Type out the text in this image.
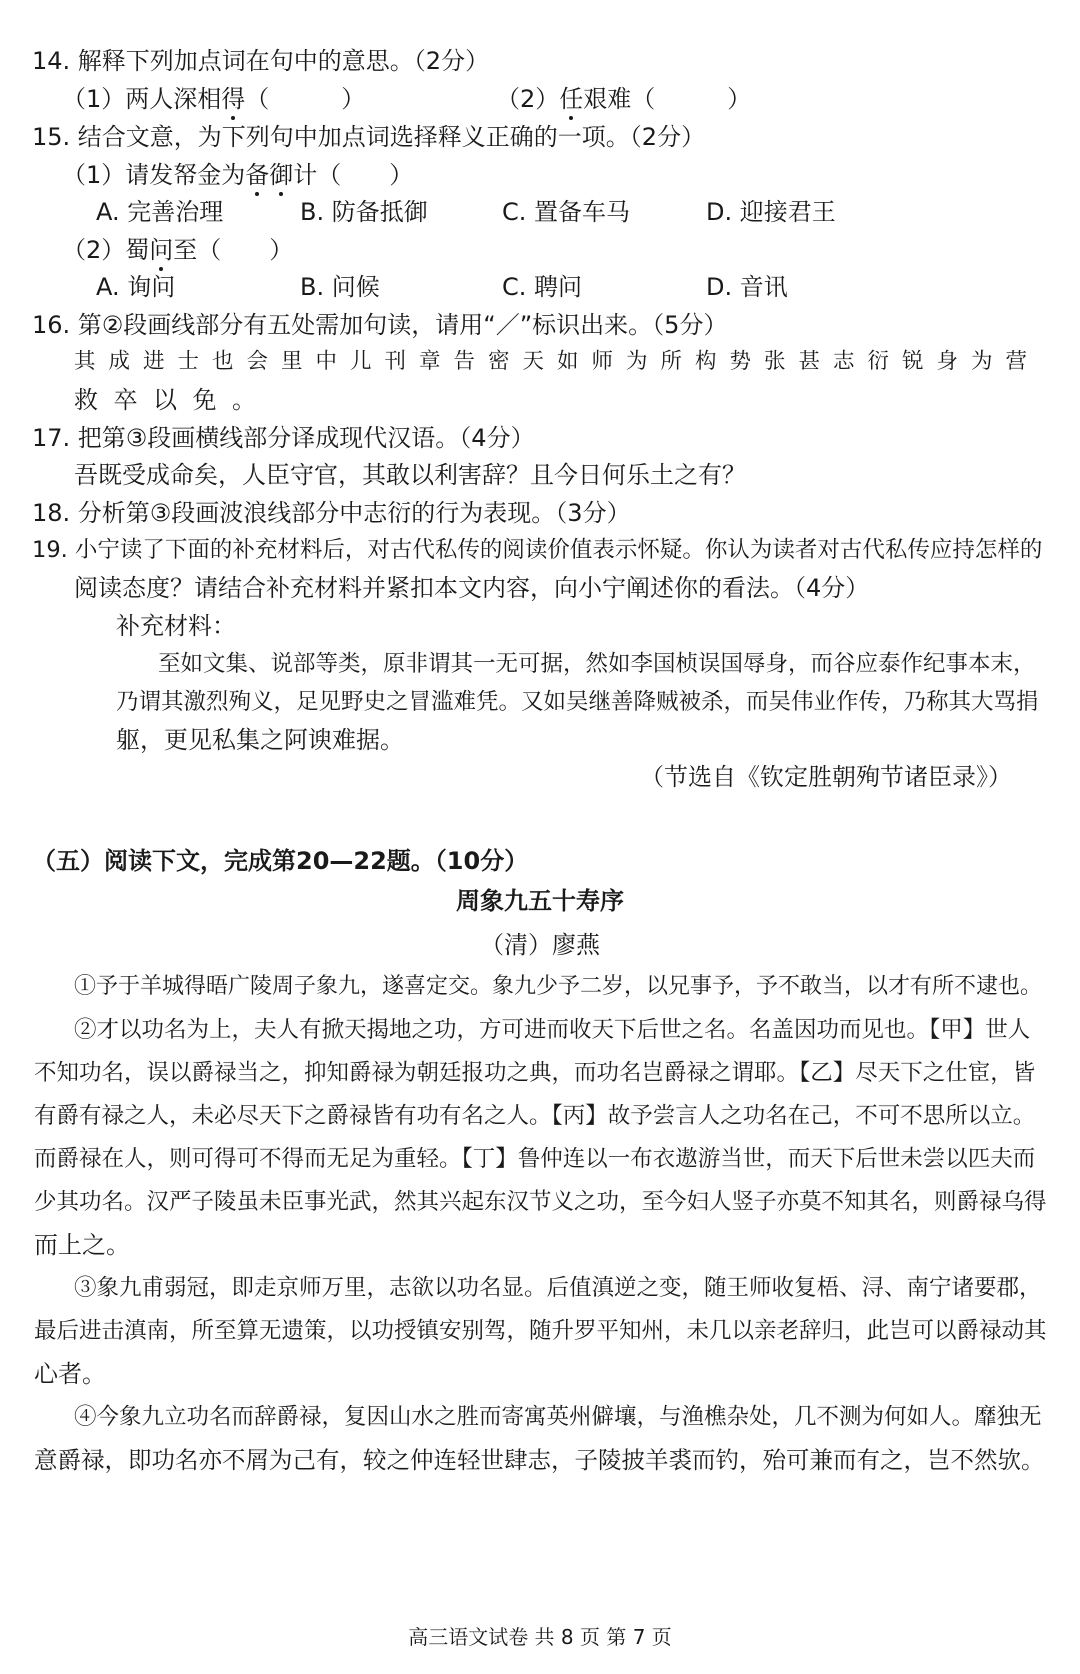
14. 解释下列加点词在句中的意思。（2分）
（1）两人深相得（　　　）	（2）任艰难（　　　）
15. 结合文意，为下列句中加点词选择释义正确的一项。（2分）
（1）请发帑金为备御计（　　）
A. 完善治理	B. 防备抵御	C. 置备车马	D. 迎接君王
（2）蜀问至（　　）
A. 询问	B. 问候	C. 聘问	D. 音讯
16. 第②段画线部分有五处需加句读，请用“／”标识出来。（5分）
其成进士也会里中儿刊章告密天如师为所构势张甚志衍锐身为营
救卒以免。
17. 把第③段画横线部分译成现代汉语。（4分）
吾既受成命矣，人臣守官，其敢以利害辞？且今日何乐土之有？
18. 分析第③段画波浪线部分中志衍的行为表现。（3分）
19. 小宁读了下面的补充材料后，对古代私传的阅读价值表示怀疑。你认为读者对古代私传应持怎样的
阅读态度？请结合补充材料并紧扣本文内容，向小宁阐述你的看法。（4分）
补充材料：
至如文集、说部等类，原非谓其一无可据，然如李国桢误国辱身，而谷应泰作纪事本末，
乃谓其激烈殉义，足见野史之冒滥难凭。又如吴继善降贼被杀，而吴伟业作传，乃称其大骂捐
躯，更见私集之阿谀难据。
（节选自《钦定胜朝殉节诸臣录》）
（五）阅读下文，完成第20—22题。（10分）
周象九五十寿序
（清）廖燕
①予于羊城得晤广陵周子象九，遂喜定交。象九少予二岁，以兄事予，予不敢当，以才有所不逮也。
②才以功名为上，夫人有掀天揭地之功，方可进而收天下后世之名。名盖因功而见也。【甲】世人
不知功名，误以爵禄当之，抑知爵禄为朝廷报功之典，而功名岂爵禄之谓耶。【乙】尽天下之仕宦，皆
有爵有禄之人，未必尽天下之爵禄皆有功有名之人。【丙】故予尝言人之功名在己，不可不思所以立。
而爵禄在人，则可得可不得而无足为重轻。【丁】鲁仲连以一布衣遨游当世，而天下后世未尝以匹夫而
少其功名。汉严子陵虽未臣事光武，然其兴起东汉节义之功，至今妇人竖子亦莫不知其名，则爵禄乌得
而上之。
③象九甫弱冠，即走京师万里，志欲以功名显。后值滇逆之变，随王师收复梧、浔、南宁诸要郡，
最后进击滇南，所至算无遗策，以功授镇安别驾，随升罗平知州，未几以亲老辞归，此岂可以爵禄动其
心者。
④今象九立功名而辞爵禄，复因山水之胜而寄寓英州僻壤，与渔樵杂处，几不测为何如人。靡独无
意爵禄，即功名亦不屑为己有，较之仲连轻世肆志，子陵披羊裘而钓，殆可兼而有之，岂不然欤。
高三语文试卷 共 8 页 第 7 页
